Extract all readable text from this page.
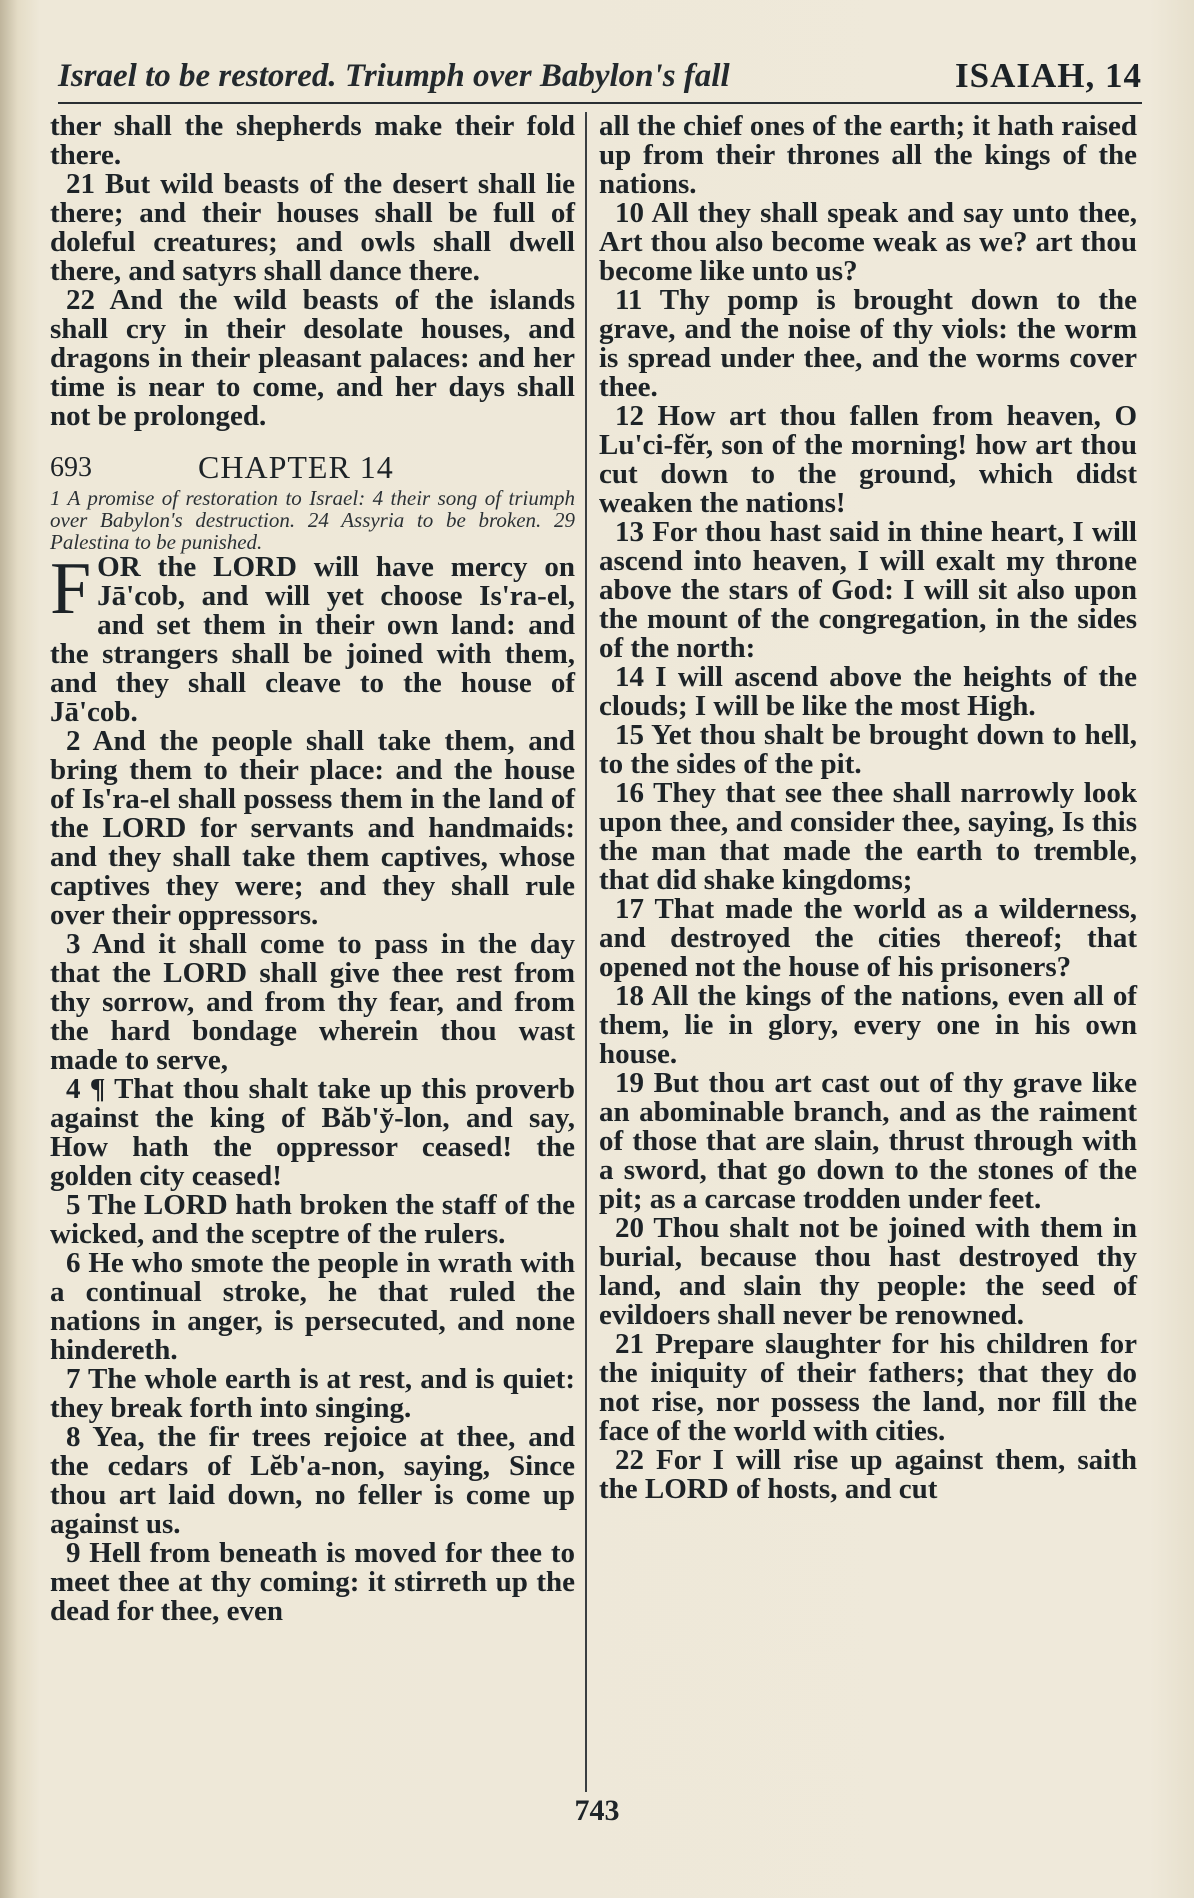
Israel to be restored. Triumph over Babylon's fall	ISAIAH, 14

ther shall the shepherds make their fold there.

21 But wild beasts of the desert shall lie there; and their houses shall be full of doleful creatures; and owls shall dwell there, and satyrs shall dance there.

22 And the wild beasts of the islands shall cry in their desolate houses, and dragons in their pleasant palaces: and her time is near to come, and her days shall not be prolonged.

693	CHAPTER 14

1 A promise of restoration to Israel: 4 their song of triumph over Babylon's destruction. 24 Assyria to be broken. 29 Palestina to be punished.

FOR the LORD will have mercy on Jā'cob, and will yet choose Is'ra-el, and set them in their own land: and the strangers shall be joined with them, and they shall cleave to the house of Jā'cob.

2 And the people shall take them, and bring them to their place: and the house of Is'ra-el shall possess them in the land of the LORD for servants and handmaids: and they shall take them captives, whose captives they were; and they shall rule over their oppressors.

3 And it shall come to pass in the day that the LORD shall give thee rest from thy sorrow, and from thy fear, and from the hard bondage wherein thou wast made to serve,

4 ¶ That thou shalt take up this proverb against the king of Băb'y̆-lon, and say, How hath the oppressor ceased! the golden city ceased!

5 The LORD hath broken the staff of the wicked, and the sceptre of the rulers.

6 He who smote the people in wrath with a continual stroke, he that ruled the nations in anger, is persecuted, and none hindereth.

7 The whole earth is at rest, and is quiet: they break forth into singing.

8 Yea, the fir trees rejoice at thee, and the cedars of Lĕb'a-non, saying, Since thou art laid down, no feller is come up against us.

9 Hell from beneath is moved for thee to meet thee at thy coming: it stirreth up the dead for thee, even

all the chief ones of the earth; it hath raised up from their thrones all the kings of the nations.

10 All they shall speak and say unto thee, Art thou also become weak as we? art thou become like unto us?

11 Thy pomp is brought down to the grave, and the noise of thy viols: the worm is spread under thee, and the worms cover thee.

12 How art thou fallen from heaven, O Lu'ci-fĕr, son of the morning! how art thou cut down to the ground, which didst weaken the nations!

13 For thou hast said in thine heart, I will ascend into heaven, I will exalt my throne above the stars of God: I will sit also upon the mount of the congregation, in the sides of the north:

14 I will ascend above the heights of the clouds; I will be like the most High.

15 Yet thou shalt be brought down to hell, to the sides of the pit.

16 They that see thee shall narrowly look upon thee, and consider thee, saying, Is this the man that made the earth to tremble, that did shake kingdoms;

17 That made the world as a wilderness, and destroyed the cities thereof; that opened not the house of his prisoners?

18 All the kings of the nations, even all of them, lie in glory, every one in his own house.

19 But thou art cast out of thy grave like an abominable branch, and as the raiment of those that are slain, thrust through with a sword, that go down to the stones of the pit; as a carcase trodden under feet.

20 Thou shalt not be joined with them in burial, because thou hast destroyed thy land, and slain thy people: the seed of evildoers shall never be renowned.

21 Prepare slaughter for his children for the iniquity of their fathers; that they do not rise, nor possess the land, nor fill the face of the world with cities.

22 For I will rise up against them, saith the LORD of hosts, and cut

743
